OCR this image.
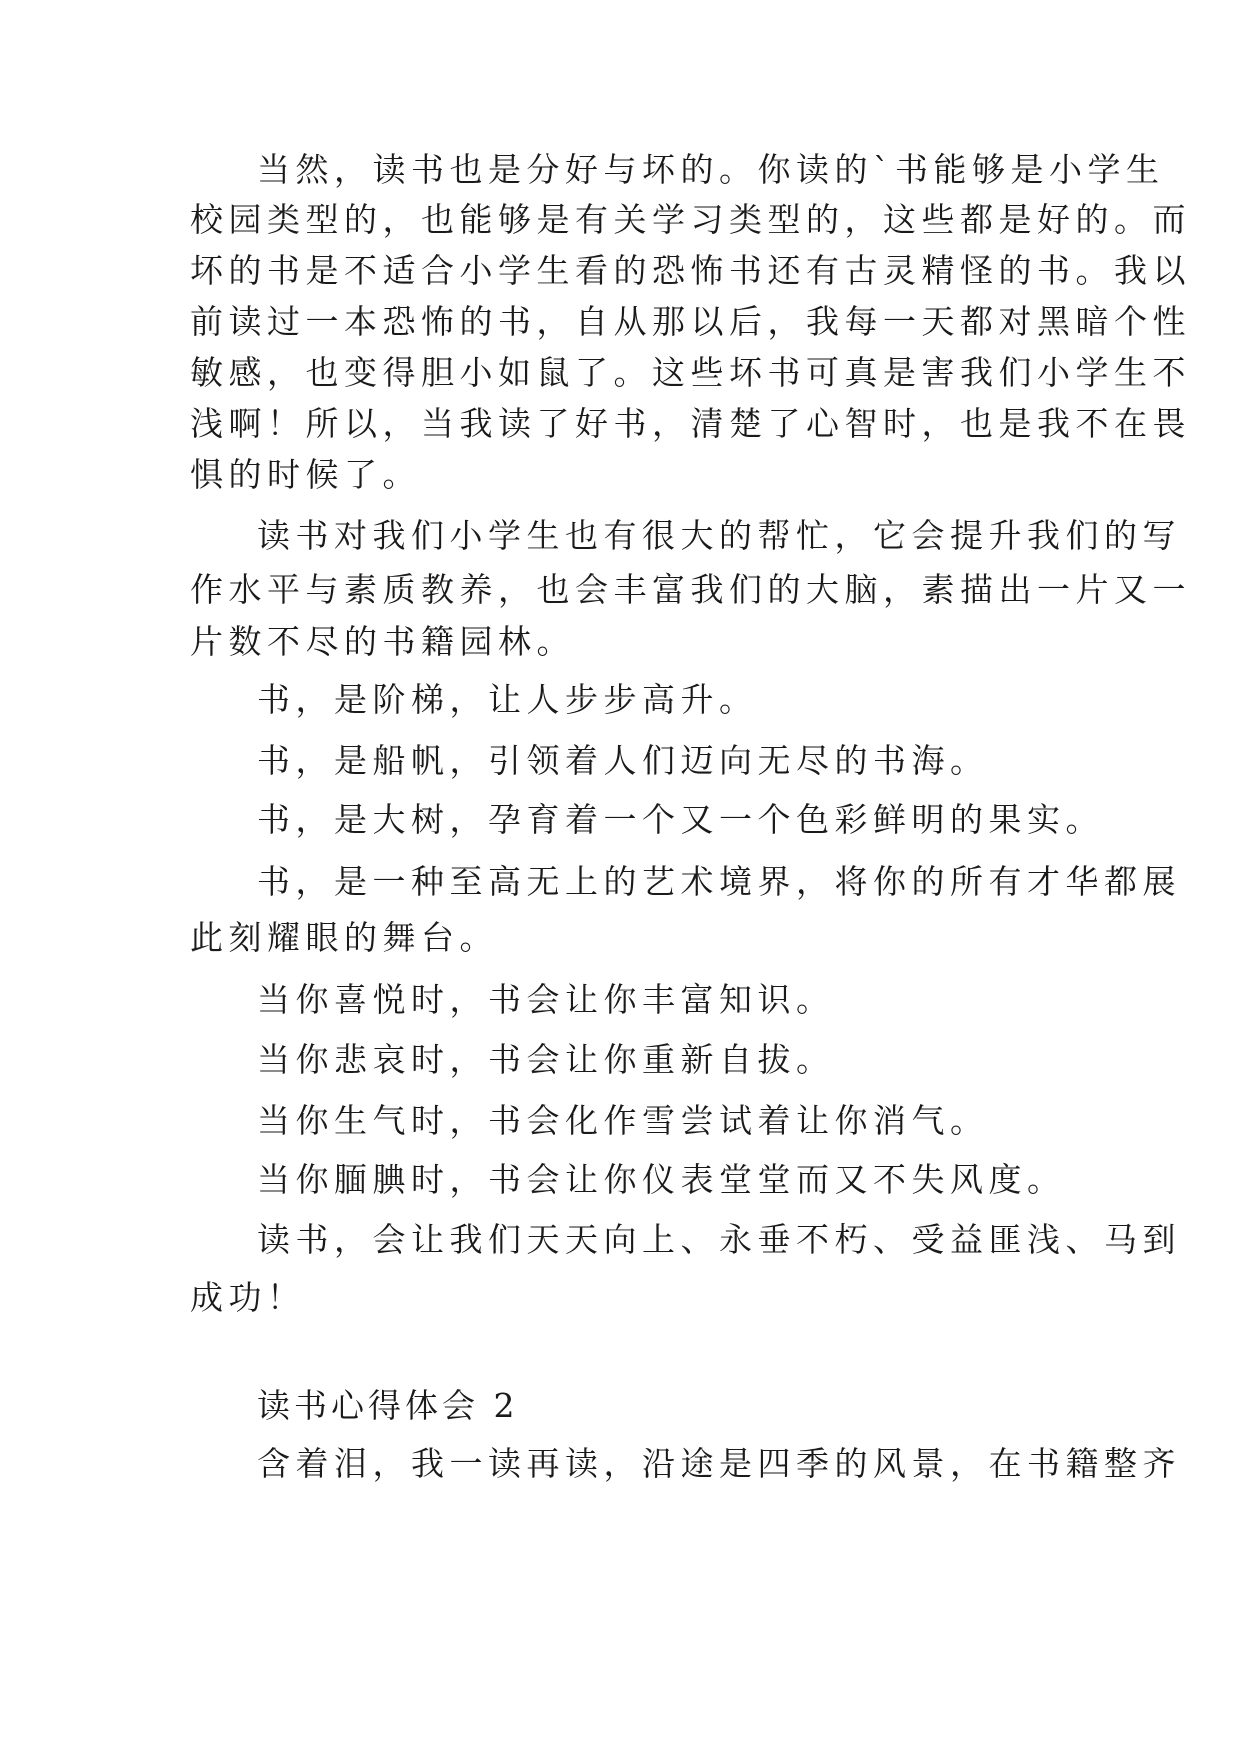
当然，读书也是分好与坏的。你读的`书能够是小学生
校园类型的，也能够是有关学习类型的，这些都是好的。而
坏的书是不适合小学生看的恐怖书还有古灵精怪的书。我以
前读过一本恐怖的书，自从那以后，我每一天都对黑暗个性
敏感，也变得胆小如鼠了。这些坏书可真是害我们小学生不
浅啊！所以，当我读了好书，清楚了心智时，也是我不在畏
惧的时候了。
读书对我们小学生也有很大的帮忙，它会提升我们的写
作水平与素质教养，也会丰富我们的大脑，素描出一片又一
片数不尽的书籍园林。
书，是阶梯，让人步步高升。
书，是船帆，引领着人们迈向无尽的书海。
书，是大树，孕育着一个又一个色彩鲜明的果实。
书，是一种至高无上的艺术境界，将你的所有才华都展
此刻耀眼的舞台。
当你喜悦时，书会让你丰富知识。
当你悲哀时，书会让你重新自拔。
当你生气时，书会化作雪尝试着让你消气。
当你腼腆时，书会让你仪表堂堂而又不失风度。
读书，会让我们天天向上、永垂不朽、受益匪浅、马到
成功！
读书心得体会 2
含着泪，我一读再读，沿途是四季的风景，在书籍整齐
